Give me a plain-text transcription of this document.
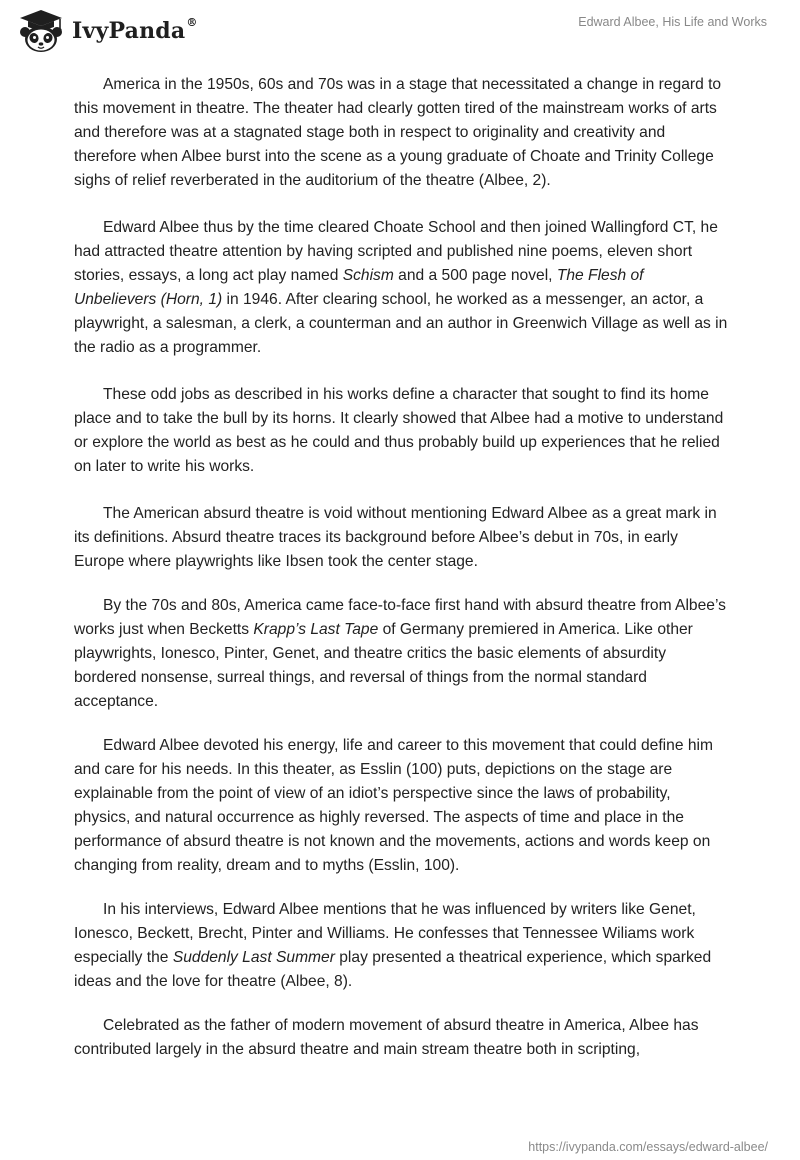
IvyPanda®	Edward Albee, His Life and Works

America in the 1950s, 60s and 70s was in a stage that necessitated a change in regard to this movement in theatre. The theater had clearly gotten tired of the mainstream works of arts and therefore was at a stagnated stage both in respect to originality and creativity and therefore when Albee burst into the scene as a young graduate of Choate and Trinity College sighs of relief reverberated in the auditorium of the theatre (Albee, 2).

Edward Albee thus by the time cleared Choate School and then joined Wallingford CT, he had attracted theatre attention by having scripted and published nine poems, eleven short stories, essays, a long act play named Schism and a 500 page novel, The Flesh of Unbelievers (Horn, 1) in 1946. After clearing school, he worked as a messenger, an actor, a playwright, a salesman, a clerk, a counterman and an author in Greenwich Village as well as in the radio as a programmer.

These odd jobs as described in his works define a character that sought to find its home place and to take the bull by its horns. It clearly showed that Albee had a motive to understand or explore the world as best as he could and thus probably build up experiences that he relied on later to write his works.

The American absurd theatre is void without mentioning Edward Albee as a great mark in its definitions. Absurd theatre traces its background before Albee’s debut in 70s, in early Europe where playwrights like Ibsen took the center stage.

By the 70s and 80s, America came face-to-face first hand with absurd theatre from Albee’s works just when Becketts Krapp’s Last Tape of Germany premiered in America. Like other playwrights, Ionesco, Pinter, Genet, and theatre critics the basic elements of absurdity bordered nonsense, surreal things, and reversal of things from the normal standard acceptance.

Edward Albee devoted his energy, life and career to this movement that could define him and care for his needs. In this theater, as Esslin (100) puts, depictions on the stage are explainable from the point of view of an idiot’s perspective since the laws of probability, physics, and natural occurrence as highly reversed. The aspects of time and place in the performance of absurd theatre is not known and the movements, actions and words keep on changing from reality, dream and to myths (Esslin, 100).

In his interviews, Edward Albee mentions that he was influenced by writers like Genet, Ionesco, Beckett, Brecht, Pinter and Williams. He confesses that Tennessee Wiliams work especially the Suddenly Last Summer play presented a theatrical experience, which sparked ideas and the love for theatre (Albee, 8).

Celebrated as the father of modern movement of absurd theatre in America, Albee has contributed largely in the absurd theatre and main stream theatre both in scripting,

https://ivypanda.com/essays/edward-albee/
